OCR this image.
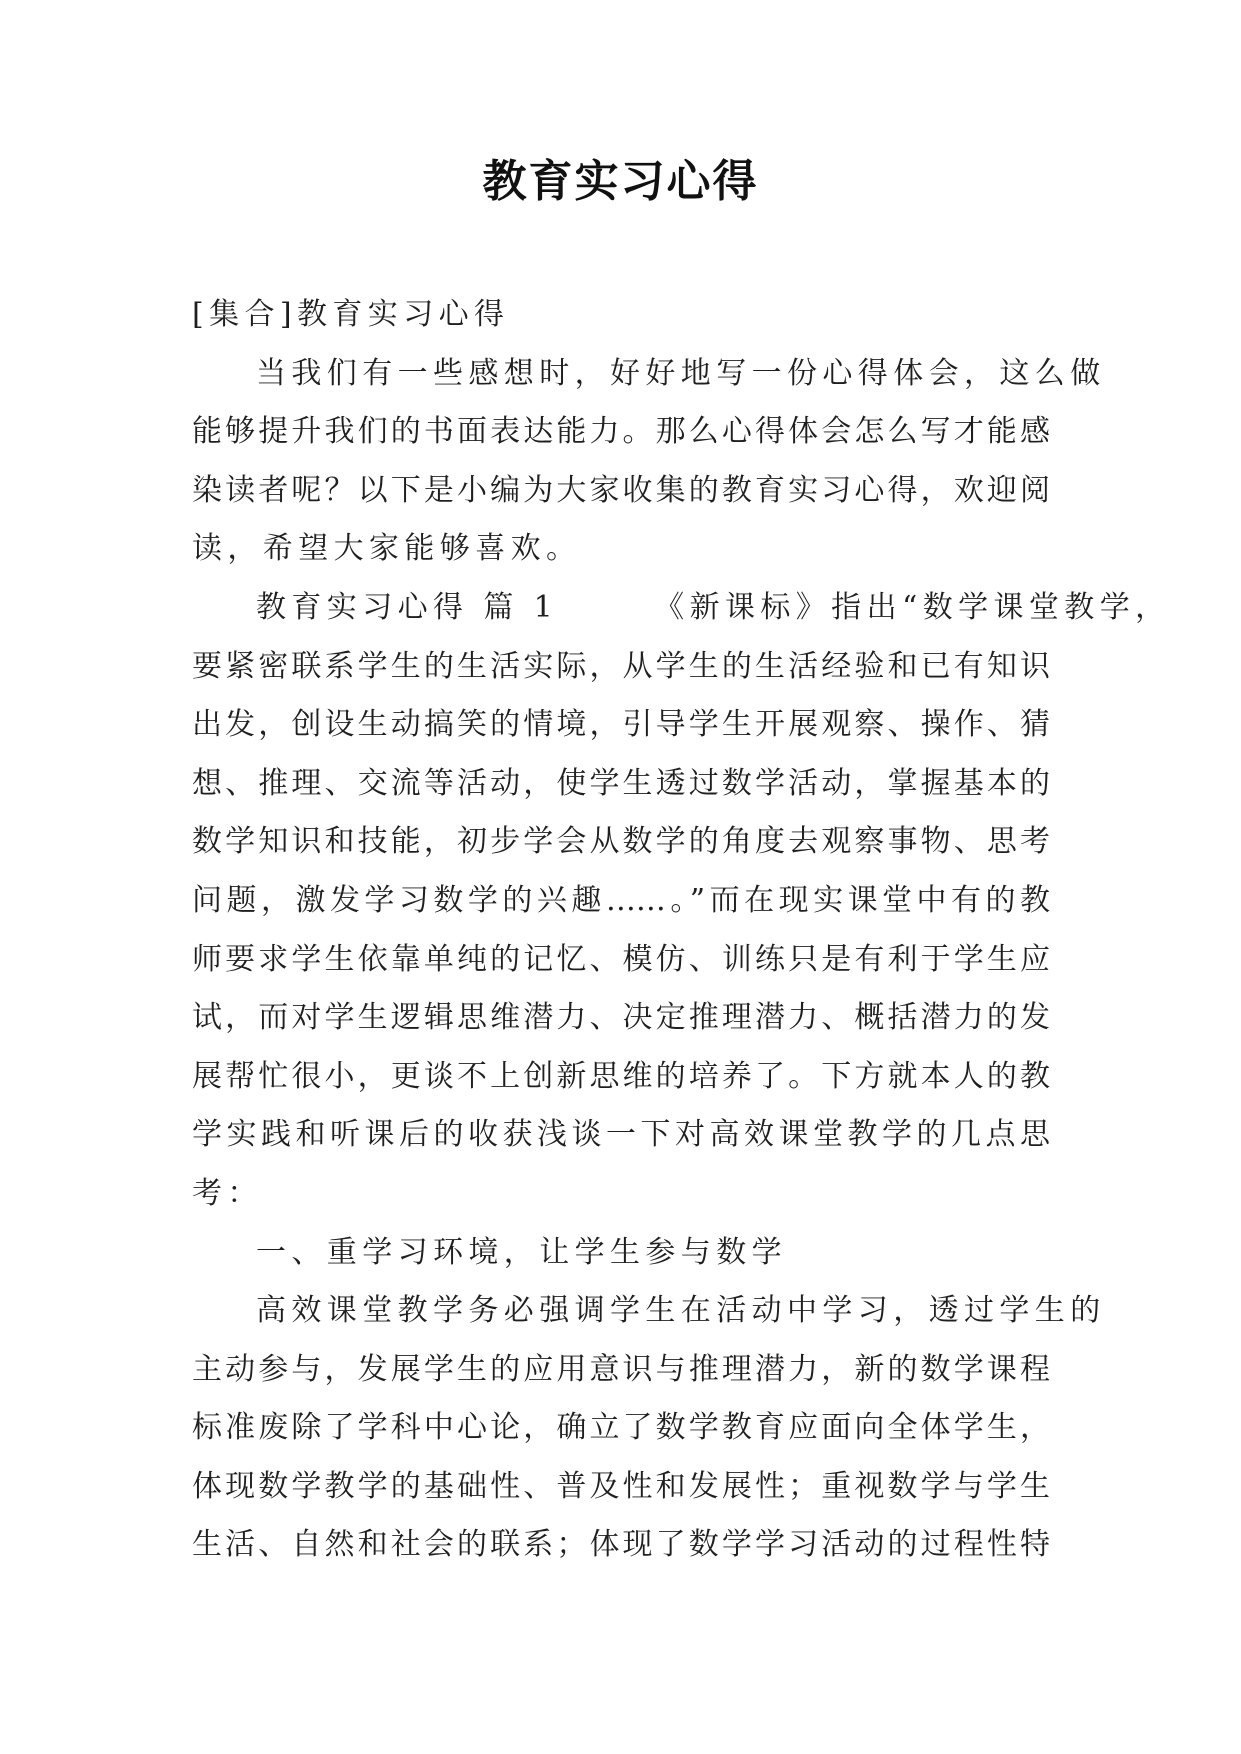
教育实习心得
[集合]教育实习心得
当我们有一些感想时，好好地写一份心得体会，这么做
能够提升我们的书面表达能力。那么心得体会怎么写才能感
染读者呢？以下是小编为大家收集的教育实习心得，欢迎阅
读，希望大家能够喜欢。
教育实习心得 篇 1	《新课标》指出“数学课堂教学，
要紧密联系学生的生活实际，从学生的生活经验和已有知识
出发，创设生动搞笑的情境，引导学生开展观察、操作、猜
想、推理、交流等活动，使学生透过数学活动，掌握基本的
数学知识和技能，初步学会从数学的角度去观察事物、思考
问题，激发学习数学的兴趣……。”而在现实课堂中有的教
师要求学生依靠单纯的记忆、模仿、训练只是有利于学生应
试，而对学生逻辑思维潜力、决定推理潜力、概括潜力的发
展帮忙很小，更谈不上创新思维的培养了。下方就本人的教
学实践和听课后的收获浅谈一下对高效课堂教学的几点思
考：
一、重学习环境，让学生参与数学
高效课堂教学务必强调学生在活动中学习，透过学生的
主动参与，发展学生的应用意识与推理潜力，新的数学课程
标准废除了学科中心论，确立了数学教育应面向全体学生，
体现数学教学的基础性、普及性和发展性；重视数学与学生
生活、自然和社会的联系；体现了数学学习活动的过程性特
